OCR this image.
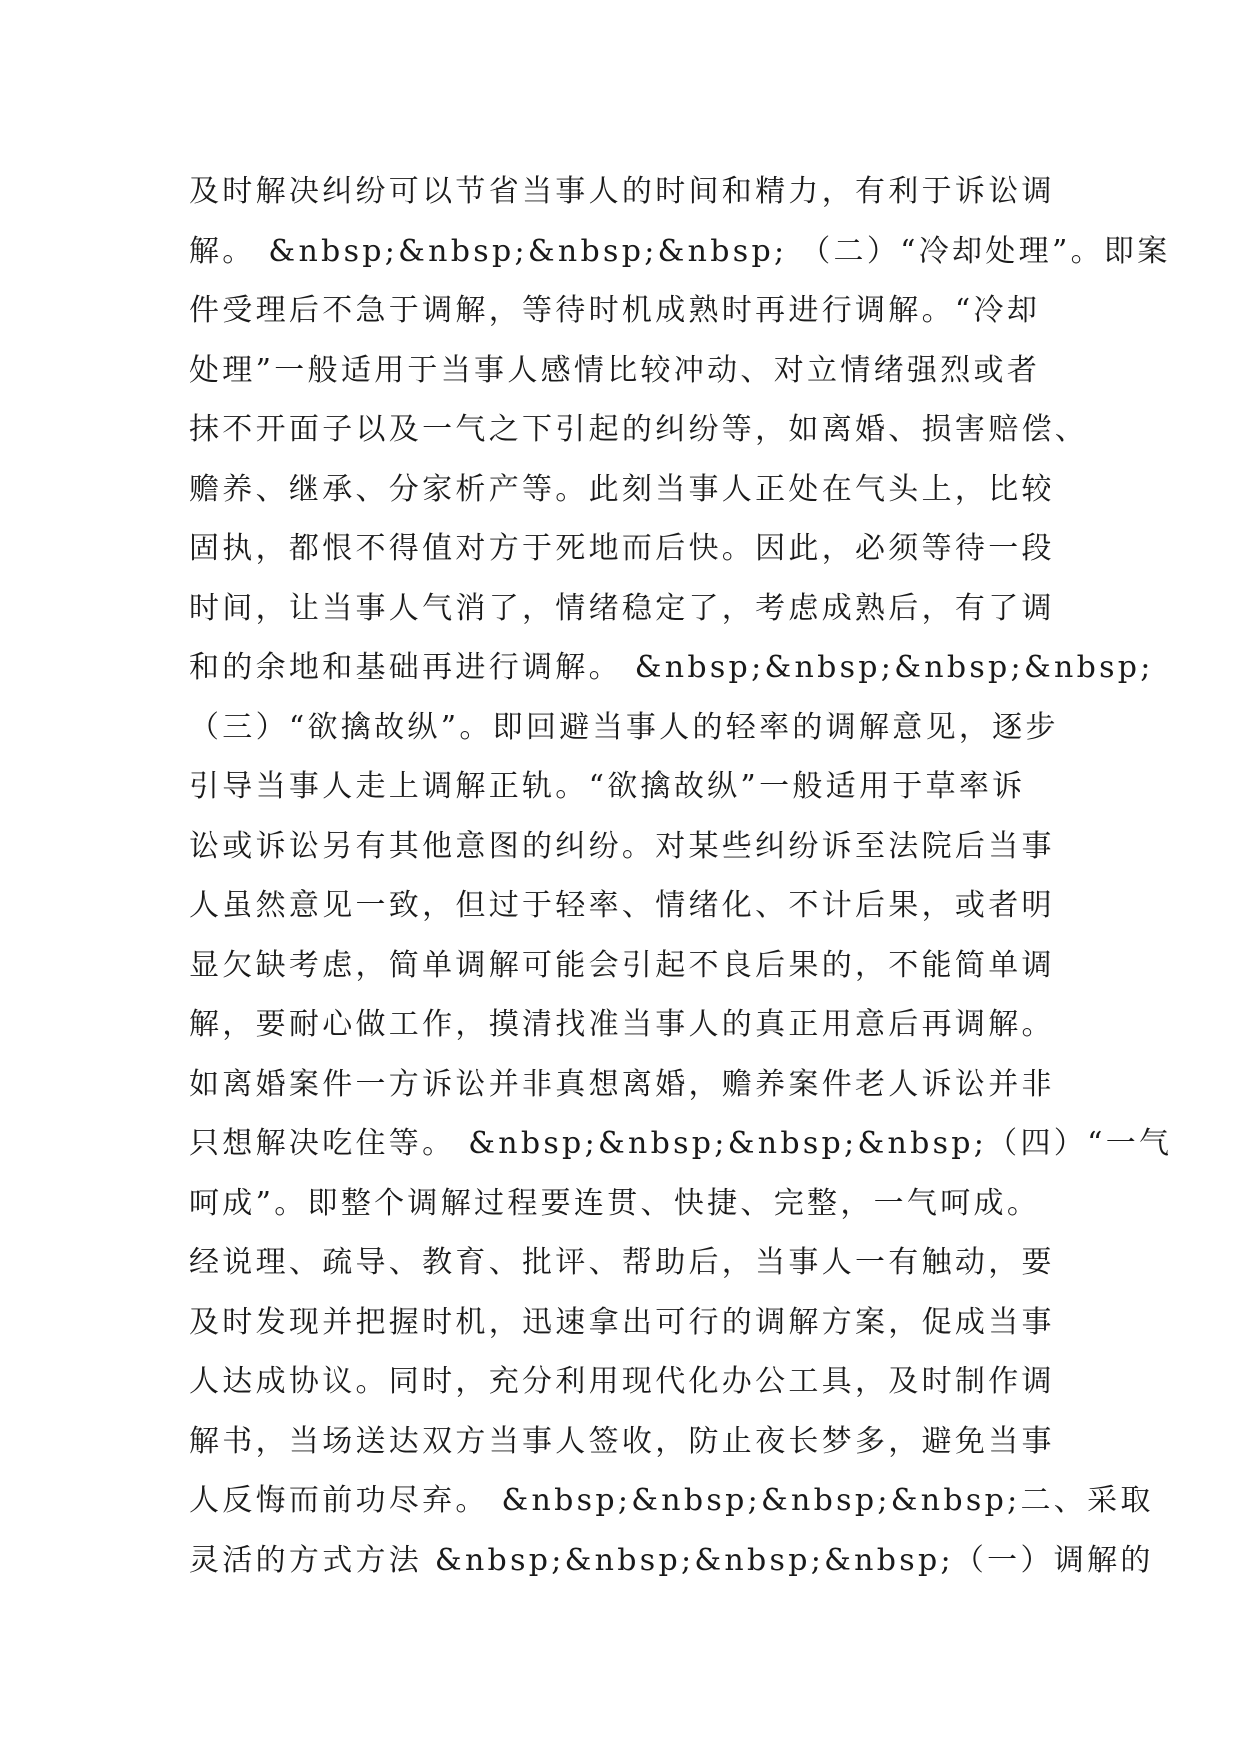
及时解决纠纷可以节省当事人的时间和精力，有利于诉讼调
解。 &nbsp;&nbsp;&nbsp;&nbsp; （二）“冷却处理”。即案
件受理后不急于调解，等待时机成熟时再进行调解。“冷却
处理”一般适用于当事人感情比较冲动、对立情绪强烈或者
抹不开面子以及一气之下引起的纠纷等，如离婚、损害赔偿、
赡养、继承、分家析产等。此刻当事人正处在气头上，比较
固执，都恨不得值对方于死地而后快。因此，必须等待一段
时间，让当事人气消了，情绪稳定了，考虑成熟后，有了调
和的余地和基础再进行调解。 &nbsp;&nbsp;&nbsp;&nbsp;
（三）“欲擒故纵”。即回避当事人的轻率的调解意见，逐步
引导当事人走上调解正轨。“欲擒故纵”一般适用于草率诉
讼或诉讼另有其他意图的纠纷。对某些纠纷诉至法院后当事
人虽然意见一致，但过于轻率、情绪化、不计后果，或者明
显欠缺考虑，简单调解可能会引起不良后果的，不能简单调
解，要耐心做工作，摸清找准当事人的真正用意后再调解。
如离婚案件一方诉讼并非真想离婚，赡养案件老人诉讼并非
只想解决吃住等。 &nbsp;&nbsp;&nbsp;&nbsp;（四）“一气
呵成”。即整个调解过程要连贯、快捷、完整，一气呵成。
经说理、疏导、教育、批评、帮助后，当事人一有触动，要
及时发现并把握时机，迅速拿出可行的调解方案，促成当事
人达成协议。同时，充分利用现代化办公工具，及时制作调
解书，当场送达双方当事人签收，防止夜长梦多，避免当事
人反悔而前功尽弃。 &nbsp;&nbsp;&nbsp;&nbsp;二、采取
灵活的方式方法 &nbsp;&nbsp;&nbsp;&nbsp;（一）调解的
